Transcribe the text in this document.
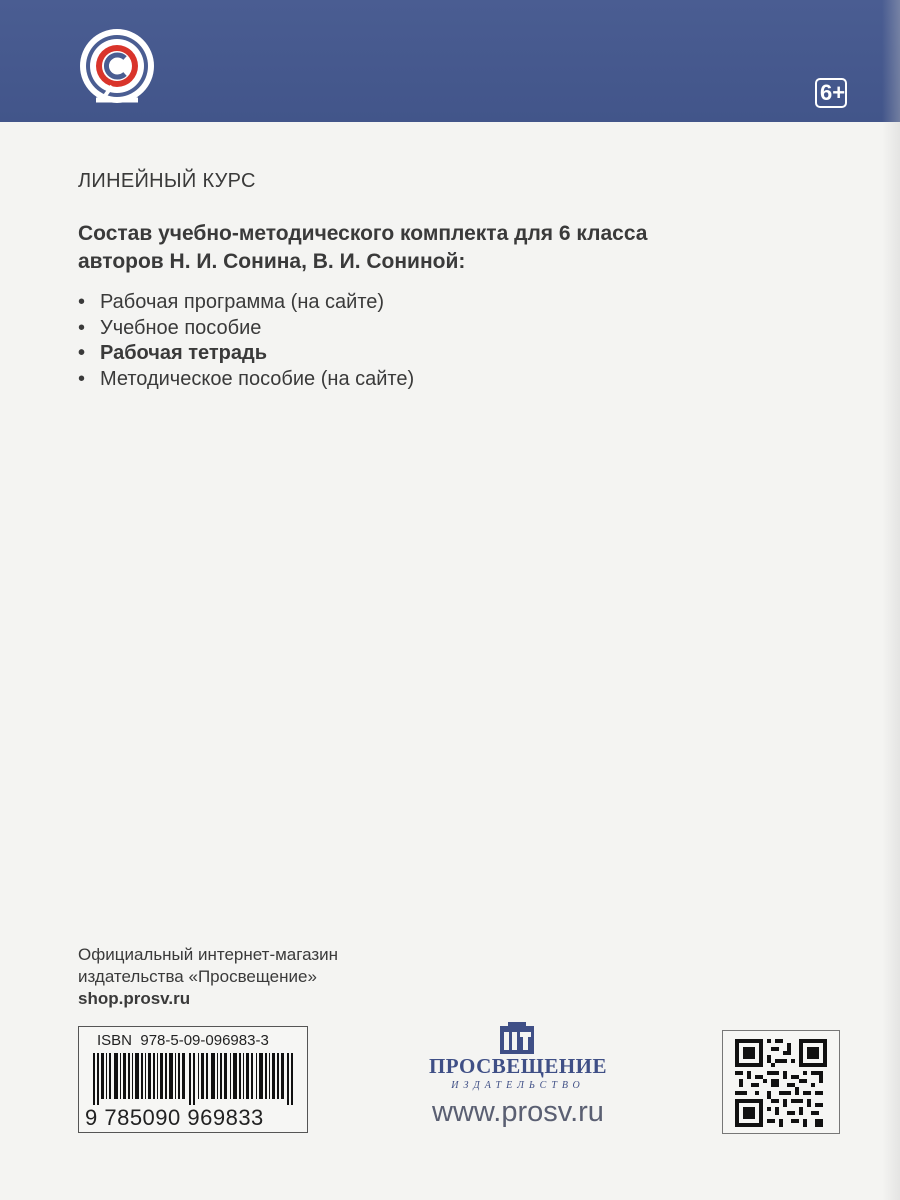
6+
ЛИНЕЙНЫЙ КУРС
Состав учебно-методического комплекта для 6 класса
авторов Н. И. Сонина, В. И. Сониной:
• Рабочая программа (на сайте)
• Учебное пособие
• Рабочая тетрадь
• Методическое пособие (на сайте)
Официальный интернет-магазин
издательства «Просвещение»
shop.prosv.ru
ISBN 978-5-09-096983-3
9 785090 969833
ПРОСВЕЩЕНИЕ
ИЗДАТЕЛЬСТВО
www.prosv.ru
